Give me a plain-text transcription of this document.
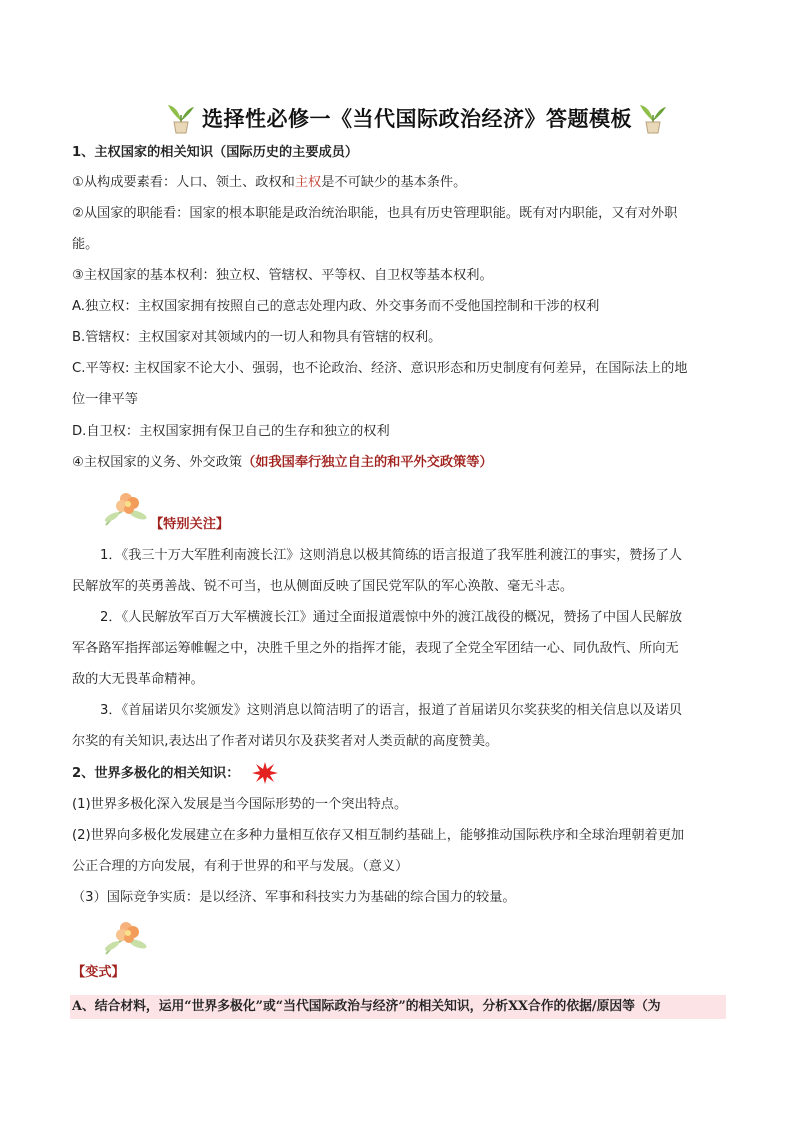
选择性必修一《当代国际政治经济》答题模板
1、主权国家的相关知识（国际历史的主要成员）
①从构成要素看：人口、领土、政权和主权是不可缺少的基本条件。
②从国家的职能看：国家的根本职能是政治统治职能，也具有历史管理职能。既有对内职能，又有对外职
能。
③主权国家的基本权利：独立权、管辖权、平等权、自卫权等基本权利。
A.独立权：主权国家拥有按照自己的意志处理内政、外交事务而不受他国控制和干涉的权利
B.管辖权：主权国家对其领域内的一切人和物具有管辖的权利。
C.平等权: 主权国家不论大小、强弱，也不论政治、经济、意识形态和历史制度有何差异，在国际法上的地
位一律平等
D.自卫权：主权国家拥有保卫自己的生存和独立的权利
④主权国家的义务、外交政策（如我国奉行独立自主的和平外交政策等）
【特别关注】
1．《我三十万大军胜利南渡长江》这则消息以极其简练的语言报道了我军胜利渡江的事实，赞扬了人
民解放军的英勇善战、锐不可当，也从侧面反映了国民党军队的军心涣散、毫无斗志。
2．《人民解放军百万大军横渡长江》通过全面报道震惊中外的渡江战役的概况，赞扬了中国人民解放
军各路军指挥部运筹帷幄之中，决胜千里之外的指挥才能，表现了全党全军团结一心、同仇敌忾、所向无
敌的大无畏革命精神。
3．《首届诺贝尔奖颁发》这则消息以简洁明了的语言，报道了首届诺贝尔奖获奖的相关信息以及诺贝
尔奖的有关知识,表达出了作者对诺贝尔及获奖者对人类贡献的高度赞美。
2、世界多极化的相关知识：
(1)世界多极化深入发展是当今国际形势的一个突出特点。
(2)世界向多极化发展建立在多种力量相互依存又相互制约基础上，能够推动国际秩序和全球治理朝着更加
公正合理的方向发展，有利于世界的和平与发展。（意义）
（3）国际竞争实质：是以经济、军事和科技实力为基础的综合国力的较量。
【变式】
A、结合材料，运用“世界多极化”或“当代国际政治与经济”的相关知识，分析XX合作的依据/原因等（为
